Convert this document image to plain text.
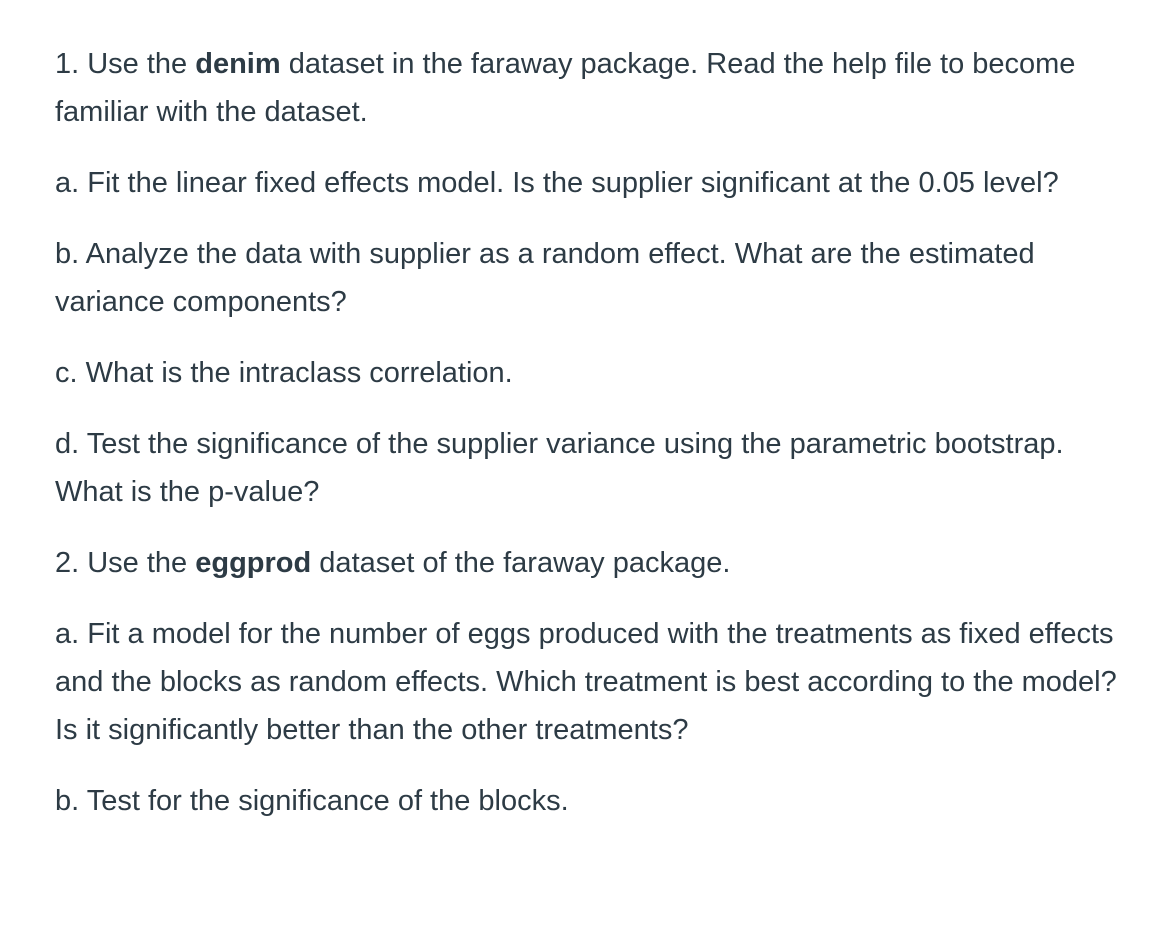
1. Use the denim dataset in the faraway package. Read the help file to become familiar with the dataset.

a. Fit the linear fixed effects model. Is the supplier significant at the 0.05 level?

b. Analyze the data with supplier as a random effect. What are the estimated variance components?

c. What is the intraclass correlation.

d. Test the significance of the supplier variance using the parametric bootstrap. What is the p-value?

2. Use the eggprod dataset of the faraway package.

a. Fit a model for the number of eggs produced with the treatments as fixed effects and the blocks as random effects. Which treatment is best according to the model? Is it significantly better than the other treatments?

b. Test for the significance of the blocks.
